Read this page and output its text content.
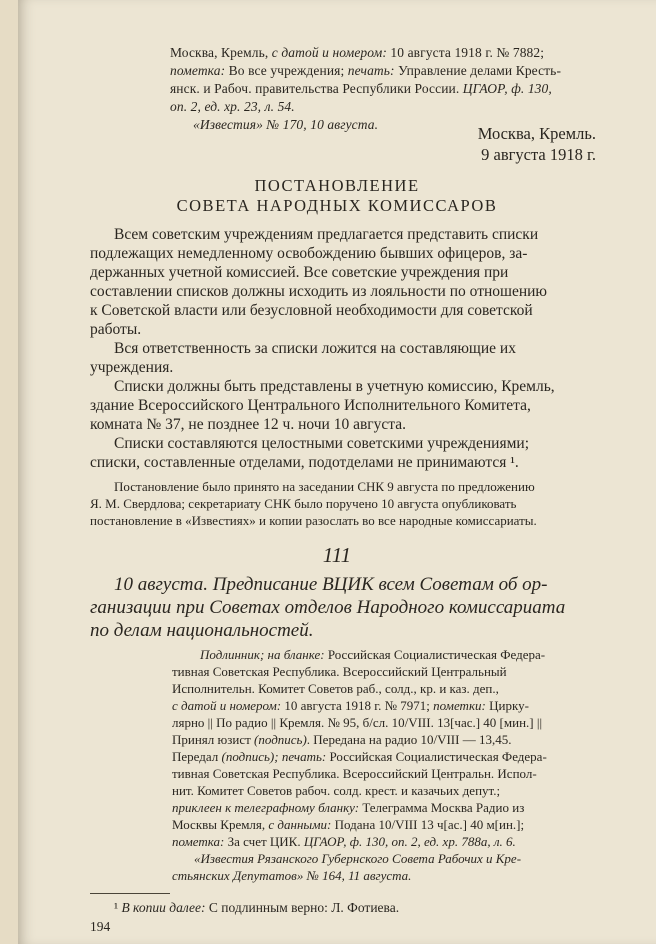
Москва, Кремль, с датой и номером: 10 августа 1918 г. № 7882;
пометка: Во все учреждения; печать: Управление делами Кресть-
янск. и Рабоч. правительства Республики России. ЦГАОР, ф. 130,
оп. 2, ед. хр. 23, л. 54.
«Известия» № 170, 10 августа.	Москва, Кремль.
9 августа 1918 г.
ПОСТАНОВЛЕНИЕ
СОВЕТА НАРОДНЫХ КОМИССАРОВ
Всем советским учреждениям предлагается представить списки
подлежащих немедленному освобождению бывших офицеров, за-
держанных учетной комиссией. Все советские учреждения при
составлении списков должны исходить из лояльности по отношению
к Советской власти или безусловной необходимости для советской
работы.
Вся ответственность за списки ложится на составляющие их
учреждения.
Списки должны быть представлены в учетную комиссию, Кремль,
здание Всероссийского Центрального Исполнительного Комитета,
комната № 37, не позднее 12 ч. ночи 10 августа.
Списки составляются целостными советскими учреждениями;
списки, составленные отделами, подотделами не принимаются ¹.
Постановление было принято на заседании СНК 9 августа по предложению
Я. М. Свердлова; секретариату СНК было поручено 10 августа опубликовать
постановление в «Известиях» и копии разослать во все народные комиссариаты.
111
10 августа. Предписание ВЦИК всем Советам об ор-
ганизации при Советах отделов Народного комиссариата
по делам национальностей.
Подлинник; на бланке: Российская Социалистическая Федера-
тивная Советская Республика. Всероссийский Центральный
Исполнительн. Комитет Советов раб., солд., кр. и каз. деп.,
с датой и номером: 10 августа 1918 г. № 7971; пометки: Цирку-
лярно || По радио || Кремля. № 95, б/сл. 10/VIII. 13[час.] 40 [мин.] ||
Принял юзист (подпись). Передана на радио 10/VIII — 13,45.
Передал (подпись); печать: Российская Социалистическая Федера-
тивная Советская Республика. Всероссийский Центральн. Испол-
нит. Комитет Советов рабоч. солд. крест. и казачьих депут.;
приклеен к телеграфному бланку: Телеграмма Москва Радио из
Москвы Кремля, с данными: Подана 10/VIII 13 ч[ас.] 40 м[ин.];
пометка: За счет ЦИК. ЦГАОР, ф. 130, оп. 2, ед. хр. 788а, л. 6.
«Известия Рязанского Губернского Совета Рабочих и Кре-
стьянских Депутатов» № 164, 11 августа.
¹ В копии далее: С подлинным верно: Л. Фотиева.
194
